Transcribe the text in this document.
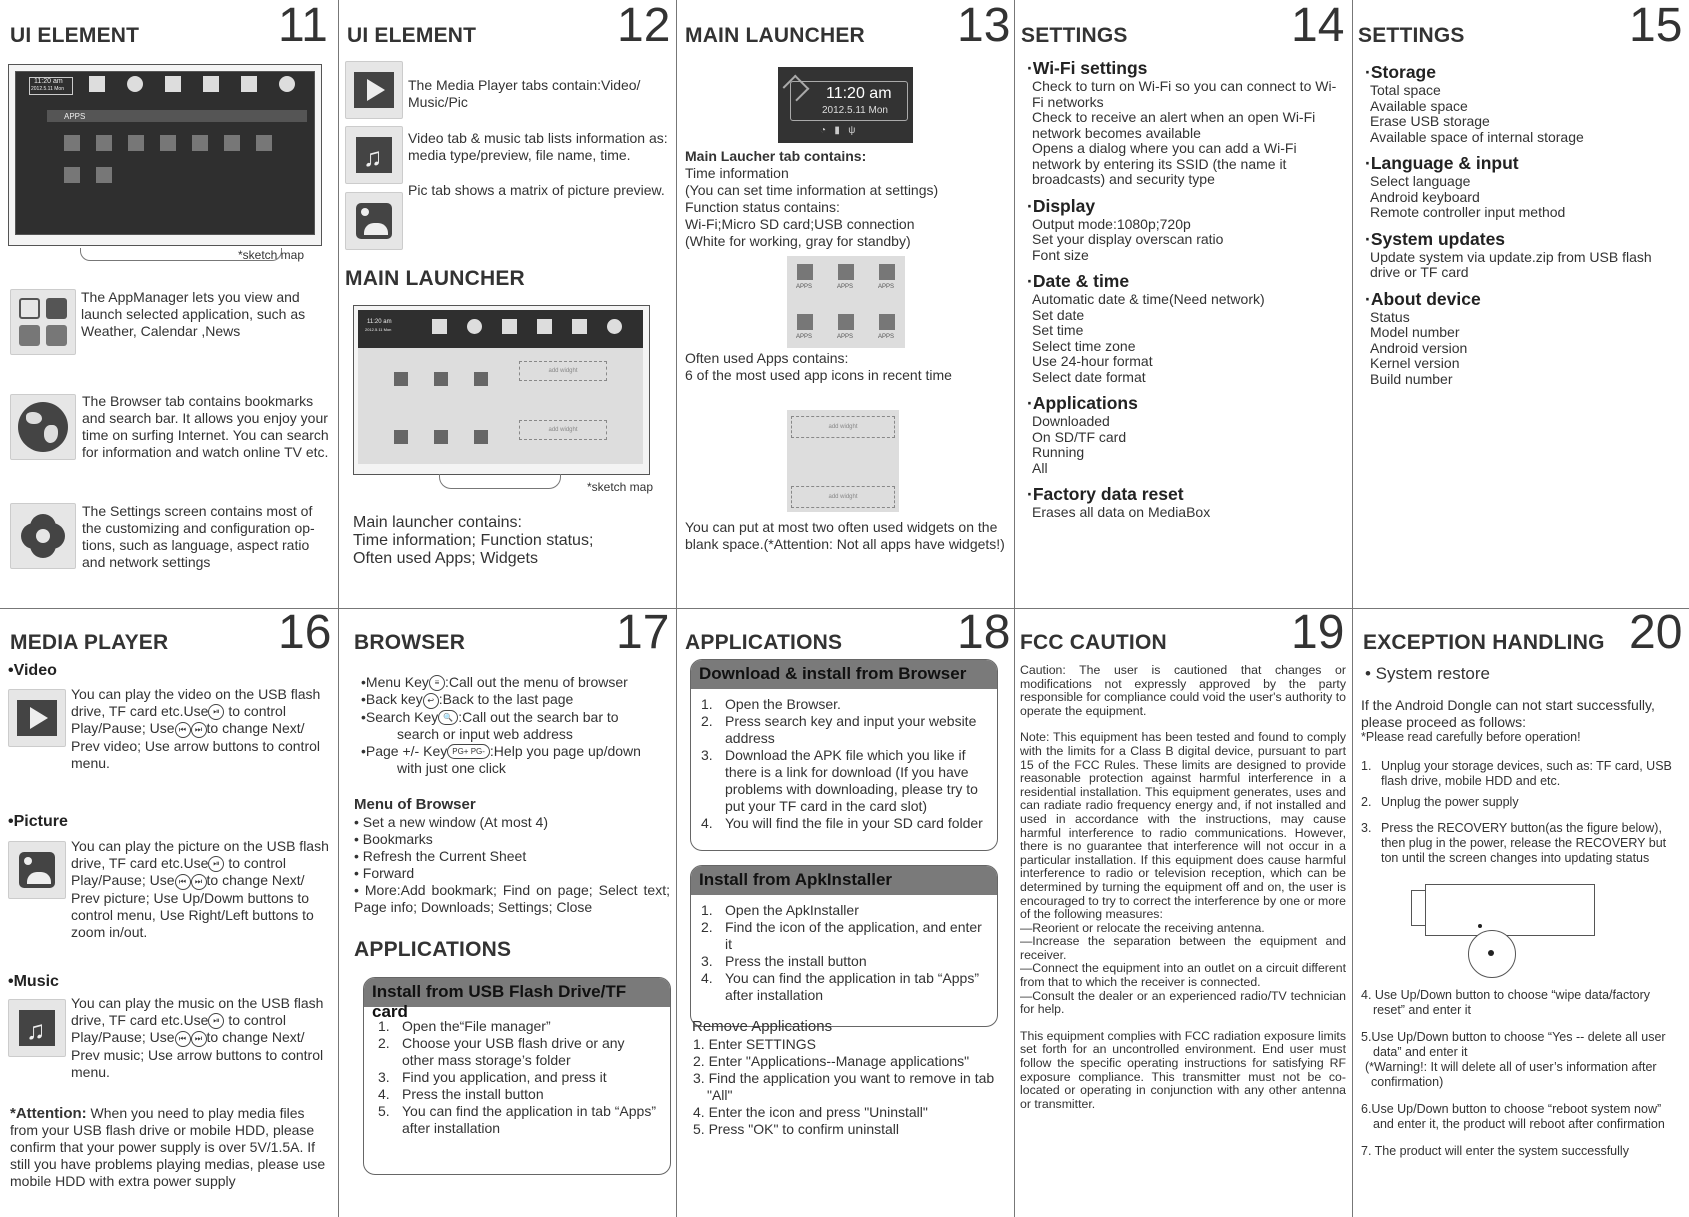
UI ELEMENT	11
11:20 am
2012.5.11 Mon
APPS
*sketch map
The AppManager lets you view and launch selected application, such as Weather, Calendar ,News
The Browser tab contains bookmarks and search bar. It allows you enjoy your time on surfing Internet. You can search for information and watch online TV etc.
The Settings screen contains most of the customizing and configuration op-tions, such as language, aspect ratio and network settings
UI ELEMENT	12
♫
The Media Player tabs contain:Video/ Music/Pic
Video tab & music tab lists information as: media type/preview, file name, time.
Pic tab shows a matrix of picture preview.
MAIN LAUNCHER
11:20 am
2012.5.11 Mon
add widght
add widght
*sketch map
Main launcher contains:
Time information; Function status;
Often used Apps; Widgets
MAIN LAUNCHER 13
11:20 am
2012.5.11 Mon
◔   ▮   ψ
Main Laucher tab contains:
Time information
(You can set time information at settings)
Function status contains:
Wi-Fi;Micro SD card;USB connection
(White for working, gray for standby)
APPS	APPS	APPS
APPS	APPS	APPS
Often used Apps contains:
6 of the most used app icons in recent time
add widght
add widght
You can put at most two often used widgets on the blank space.(*Attention: Not all apps have widgets!)
SETTINGS	14
·Wi-Fi settings
Check to turn on Wi-Fi so you can connect to Wi-Fi networks
Check to receive an alert when an open Wi-Fi network becomes available
Opens a dialog where you can add a Wi-Fi network by entering its SSID (the name it broadcasts) and security type
·Display
Output mode:1080p;720p
Set your display overscan ratio
Font size
·Date & time
Automatic date & time(Need network)
Set date
Set time
Select time zone
Use 24-hour format
Select date format
·Applications
Downloaded
On SD/TF card
Running
All
·Factory data reset
Erases all data on MediaBox
SETTINGS	15
·Storage
Total space
Available space
Erase USB storage
Available space of internal storage
·Language & input
Select language
Android keyboard
Remote controller input method
·System updates
Update system via update.zip from USB flash drive or TF card
·About device
Status
Model number
Android version
Kernel version
Build number
MEDIA PLAYER 16
•Video
You can play the video on the USB flash drive, TF card etc.Use ⏯ to control Play/Pause; Use ⏮ ⏭ to change Next/ Prev video; Use arrow buttons to control menu.
•Picture
You can play the picture on the USB flash drive, TF card etc.Use ⏯ to control Play/Pause; Use ⏮ ⏭ to change Next/ Prev picture; Use Up/Dowm buttons to control menu, Use Right/Left buttons to zoom in/out.
•Music
♫
You can play the music on the USB flash drive, TF card etc.Use ⏯ to control Play/Pause; Use ⏮ ⏭ to change Next/ Prev music; Use arrow buttons to control menu.
*Attention: When you need to play media files from your USB flash drive or mobile HDD, please confirm that your power supply is over 5V/1.5A. If still you have problems playing medias, please use mobile HDD with extra power supply
BROWSER	17
•Menu Key ≡ :Call out the menu of browser
•Back key ↩ :Back to the last page
•Search Key 🔍 :Call out the search bar to
search or input web address
•Page +/- Key PG+ PG- :Help you page up/down
with just one click
Menu of Browser
• Set a new window (At most 4)
• Bookmarks
• Refresh the Current Sheet
• Forward
• More:Add bookmark; Find on page; Select text; Page info; Downloads; Settings; Close
APPLICATIONS
Install from USB Flash Drive/TF card
1. Open the“File manager”
2. Choose your USB flash drive or any other mass storage’s folder
3. Find you application, and press it
4. Press the install button
5. You can find the application in tab “Apps” after installation
APPLICATIONS 18
Download & install from Browser
1. Open the Browser.
2. Press search key and input your website address
3. Download the APK file which you like if there is a link for download (If you have problems with downloading, please try to put your TF card in the card slot)
4. You will find the file in your SD card folder
Install from ApkInstaller
1. Open the ApkInstaller
2. Find the icon of the application, and enter it
3. Press the install button
4. You can find the application in tab “Apps” after installation
Remove Applications
1. Enter SETTINGS
2. Enter "Applications--Manage applications"
3. Find the application you want to remove in tab "All"
4. Enter the icon and press "Uninstall"
5. Press "OK" to confirm uninstall
FCC CAUTION	19
Caution: The user is cautioned that changes or modifications not expressly approved by the party responsible for compliance could void the user's authority to operate the equipment.
Note: This equipment has been tested and found to comply with the limits for a Class B digital device, pursuant to part 15 of the FCC Rules. These limits are designed to provide reasonable protection against harmful interference in a residential installation. This equipment generates, uses and can radiate radio frequency energy and, if not installed and used in accordance with the instructions, may cause harmful interference to radio communications. However, there is no guarantee that interference will not occur in a particular installation. If this equipment does cause harmful interference to radio or television reception, which can be determined by turning the equipment off and on, the user is encouraged to try to correct the interference by one or more of the following measures:
—Reorient or relocate the receiving antenna.
—Increase the separation between the equipment and receiver.
—Connect the equipment into an outlet on a circuit different from that to which the receiver is connected.
—Consult the dealer or an experienced radio/TV technician for help.
This equipment complies with FCC radiation exposure limits set forth for an uncontrolled environment. End user must follow the specific operating instructions for satisfying RF exposure compliance. This transmitter must not be co-located or operating in conjunction with any other antenna or transmitter.
EXCEPTION HANDLING 20
• System restore
If the Android Dongle can not start successfully, please proceed as follows:
*Please read carefully before operation!
1. Unplug your storage devices, such as: TF card, USB flash drive, mobile HDD and etc.
2. Unplug the power supply
3. Press the RECOVERY button(as the figure below), then plug in the power, release the RECOVERY but ton until the screen changes into updating status
4. Use Up/Down button to choose “wipe data/factory reset” and enter it
5.Use Up/Down button to choose “Yes -- delete all user data” and enter it
(*Warning!: It will delete all of user’s information after confirmation)
6.Use Up/Down button to choose “reboot system now” and enter it, the product will reboot after confirmation
7. The product will enter the system successfully
